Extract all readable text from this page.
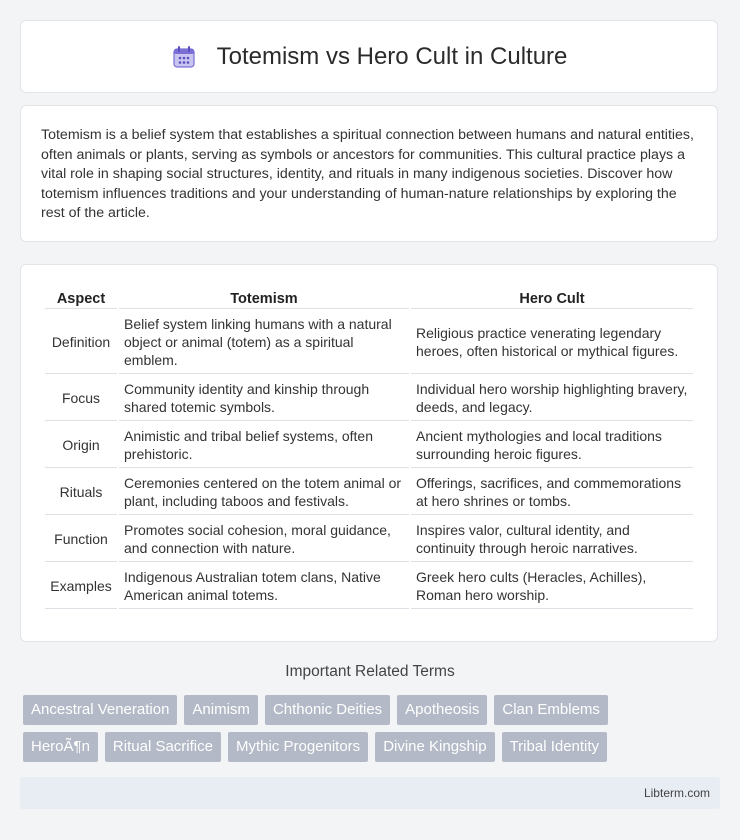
Totemism vs Hero Cult in Culture

Totemism is a belief system that establishes a spiritual connection between humans and natural entities, often animals or plants, serving as symbols or ancestors for communities. This cultural practice plays a vital role in shaping social structures, identity, and rituals in many indigenous societies. Discover how totemism influences traditions and your understanding of human-nature relationships by exploring the rest of the article.

Aspect	Totemism	Hero Cult
Definition	Belief system linking humans with a natural object or animal (totem) as a spiritual emblem.	Religious practice venerating legendary heroes, often historical or mythical figures.
Focus	Community identity and kinship through shared totemic symbols.	Individual hero worship highlighting bravery, deeds, and legacy.
Origin	Animistic and tribal belief systems, often prehistoric.	Ancient mythologies and local traditions surrounding heroic figures.
Rituals	Ceremonies centered on the totem animal or plant, including taboos and festivals.	Offerings, sacrifices, and commemorations at hero shrines or tombs.
Function	Promotes social cohesion, moral guidance, and connection with nature.	Inspires valor, cultural identity, and continuity through heroic narratives.
Examples	Indigenous Australian totem clans, Native American animal totems.	Greek hero cults (Heracles, Achilles), Roman hero worship.
Important Related Terms
Ancestral Veneration	Animism	Chthonic Deities	Apotheosis	Clan Emblems
HeroÃ¶n	Ritual Sacrifice	Mythic Progenitors	Divine Kingship	Tribal Identity
Libterm.com
